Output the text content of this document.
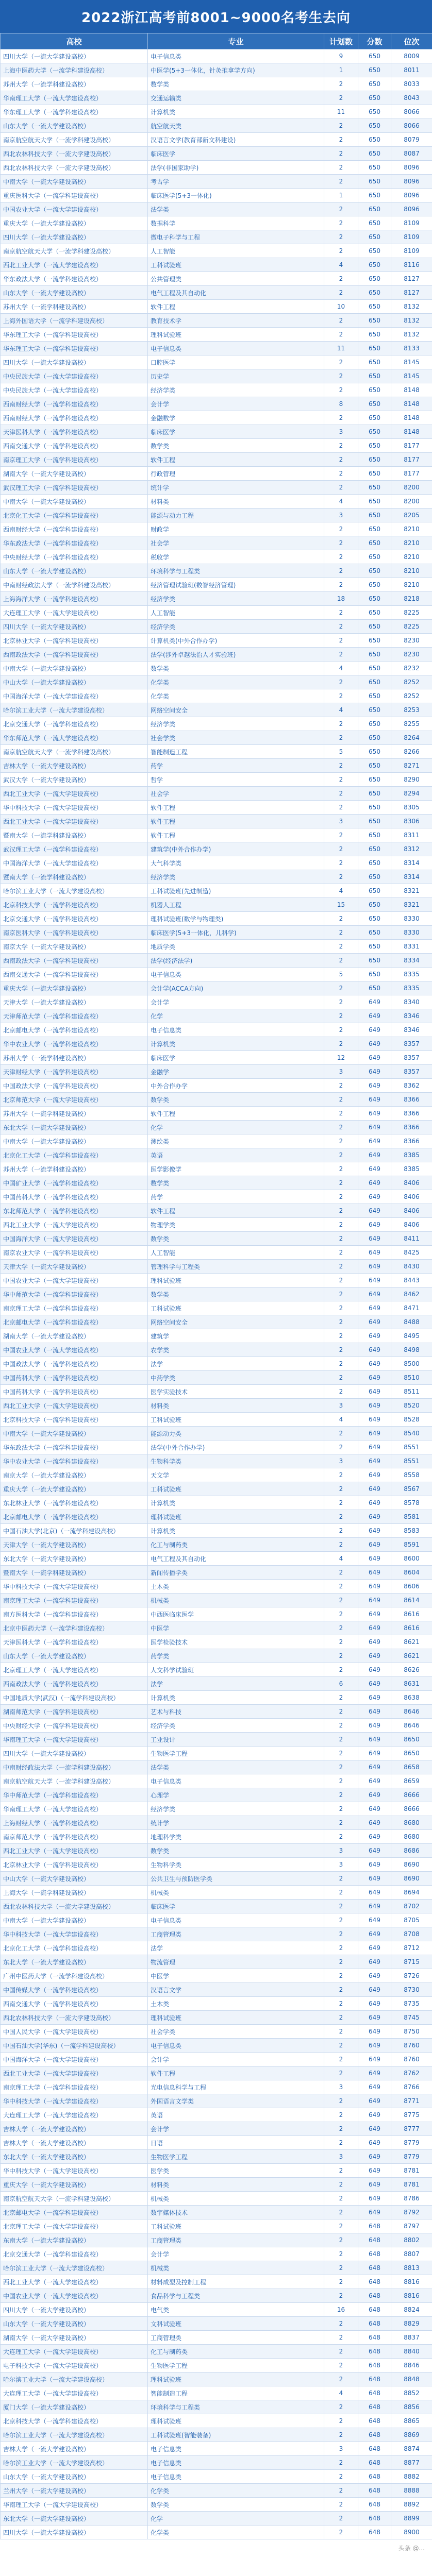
2022浙江高考前8001~9000名考生去向
高校	专业	计划数	分数	位次
四川大学（一流大学建设高校）	电子信息类	9	650	8009
上海中医药大学（一流学科建设高校）	中医学(5+3一体化，针灸推拿学方向)	1	650	8011
苏州大学（一流学科建设高校）	数学类	2	650	8033
华南理工大学（一流大学建设高校）	交通运输类	2	650	8043
华东理工大学（一流学科建设高校）	计算机类	11	650	8066
山东大学（一流大学建设高校）	航空航天类	2	650	8066
南京航空航天大学（一流学科建设高校）	汉语言文学(教育部新文科建设)	2	650	8079
西北农林科技大学（一流大学建设高校）	临床医学	2	650	8087
西北农林科技大学（一流大学建设高校）	法学(非国家助学)	2	650	8096
中南大学（一流大学建设高校）	考古学	2	650	8096
重庆医科大学（一流学科建设高校）	临床医学(5+3一体化)	1	650	8096
中国农业大学（一流大学建设高校）	法学类	2	650	8096
重庆大学（一流大学建设高校）	数据科学	2	650	8109
四川大学（一流大学建设高校）	微电子科学与工程	2	650	8109
南京航空航天大学（一流学科建设高校）	人工智能	2	650	8109
西北工业大学（一流大学建设高校）	工科试验班	4	650	8116
华东政法大学（一流学科建设高校）	公共管理类	2	650	8127
山东大学（一流大学建设高校）	电气工程及其自动化	2	650	8127
苏州大学（一流学科建设高校）	软件工程	10	650	8132
上海外国语大学（一流学科建设高校）	教育技术学	2	650	8132
华东理工大学（一流学科建设高校）	理科试验班	2	650	8132
华东理工大学（一流学科建设高校）	电子信息类	11	650	8133
四川大学（一流大学建设高校）	口腔医学	2	650	8145
中央民族大学（一流大学建设高校）	历史学	2	650	8145
中央民族大学（一流大学建设高校）	经济学类	2	650	8148
西南财经大学（一流学科建设高校）	会计学	8	650	8148
西南财经大学（一流学科建设高校）	金融数学	2	650	8148
天津医科大学（一流学科建设高校）	临床医学	3	650	8148
西南交通大学（一流学科建设高校）	数学类	2	650	8177
南京理工大学（一流学科建设高校）	软件工程	2	650	8177
湖南大学（一流大学建设高校）	行政管理	2	650	8177
武汉理工大学（一流学科建设高校）	统计学	2	650	8200
中南大学（一流大学建设高校）	材料类	4	650	8200
北京化工大学（一流学科建设高校）	能源与动力工程	3	650	8205
西南财经大学（一流学科建设高校）	财政学	2	650	8210
华东政法大学（一流学科建设高校）	社会学	2	650	8210
中央财经大学（一流学科建设高校）	税收学	2	650	8210
山东大学（一流大学建设高校）	环境科学与工程类	2	650	8210
中南财经政法大学（一流学科建设高校）	经济管理试验班(数智经济管理)	2	650	8210
上海海洋大学（一流学科建设高校）	经济学类	18	650	8218
大连理工大学（一流大学建设高校）	人工智能	2	650	8225
四川大学（一流大学建设高校）	经济学类	2	650	8225
北京林业大学（一流学科建设高校）	计算机类(中外合作办学)	2	650	8230
西南政法大学（一流学科建设高校）	法学(涉外卓越法治人才实验班)	2	650	8230
中南大学（一流大学建设高校）	数学类	4	650	8232
中山大学（一流大学建设高校）	化学类	2	650	8252
中国海洋大学（一流大学建设高校）	化学类	2	650	8252
哈尔滨工业大学（一流大学建设高校）	网络空间安全	4	650	8253
北京交通大学（一流学科建设高校）	经济学类	2	650	8255
华东师范大学（一流大学建设高校）	社会学类	2	650	8264
南京航空航天大学（一流学科建设高校）	智能制造工程	5	650	8266
吉林大学（一流大学建设高校）	药学	2	650	8271
武汉大学（一流大学建设高校）	哲学	2	650	8290
西北工业大学（一流大学建设高校）	社会学	2	650	8294
华中科技大学（一流大学建设高校）	软件工程	2	650	8305
西北工业大学（一流大学建设高校）	软件工程	3	650	8306
暨南大学（一流学科建设高校）	软件工程	2	650	8311
武汉理工大学（一流学科建设高校）	建筑学(中外合作办学)	2	650	8312
中国海洋大学（一流大学建设高校）	大气科学类	2	650	8314
暨南大学（一流学科建设高校）	经济学类	2	650	8314
哈尔滨工业大学（一流大学建设高校）	工科试验班(先进制造)	4	650	8321
北京科技大学（一流学科建设高校）	机器人工程	15	650	8321
北京交通大学（一流学科建设高校）	理科试验班(数学与物理类)	2	650	8330
南京医科大学（一流学科建设高校）	临床医学(5+3一体化，儿科学)	2	650	8330
南京大学（一流大学建设高校）	地质学类	2	650	8331
西南政法大学（一流学科建设高校）	法学(经济法学)	2	650	8334
西南交通大学（一流学科建设高校）	电子信息类	5	650	8335
重庆大学（一流大学建设高校）	会计学(ACCA方向)	2	650	8335
天津大学（一流大学建设高校）	会计学	2	649	8340
天津师范大学（一流学科建设高校）	化学	2	649	8346
北京邮电大学（一流学科建设高校）	电子信息类	2	649	8346
华中农业大学（一流学科建设高校）	计算机类	2	649	8357
苏州大学（一流学科建设高校）	临床医学	12	649	8357
天津财经大学（一流学科建设高校）	金融学	3	649	8357
中国政法大学（一流学科建设高校）	中外合作办学	2	649	8362
北京师范大学（一流大学建设高校）	数学类	2	649	8366
苏州大学（一流学科建设高校）	软件工程	2	649	8366
东北大学（一流大学建设高校）	化学	2	649	8366
中南大学（一流大学建设高校）	测绘类	2	649	8366
北京化工大学（一流学科建设高校）	英语	2	649	8385
苏州大学（一流学科建设高校）	医学影像学	2	649	8385
中国矿业大学（一流学科建设高校）	数学类	2	649	8406
中国药科大学（一流学科建设高校）	药学	2	649	8406
东北师范大学（一流学科建设高校）	软件工程	2	649	8406
西北工业大学（一流大学建设高校）	物理学类	2	649	8406
中国海洋大学（一流大学建设高校）	数学类	2	649	8411
南京农业大学（一流学科建设高校）	人工智能	2	649	8425
天津大学（一流大学建设高校）	管理科学与工程类	2	649	8430
中国农业大学（一流大学建设高校）	理科试验班	2	649	8443
华中师范大学（一流学科建设高校）	数学类	2	649	8462
南京理工大学（一流学科建设高校）	工科试验班	2	649	8471
北京邮电大学（一流学科建设高校）	网络空间安全	2	649	8488
湖南大学（一流大学建设高校）	建筑学	2	649	8495
中国农业大学（一流大学建设高校）	农学类	2	649	8498
中国政法大学（一流学科建设高校）	法学	2	649	8500
中国药科大学（一流学科建设高校）	中药学类	2	649	8510
中国药科大学（一流学科建设高校）	医学实验技术	2	649	8511
西北工业大学（一流大学建设高校）	材料类	3	649	8520
北京科技大学（一流学科建设高校）	工科试验班	4	649	8528
中南大学（一流大学建设高校）	能源动力类	2	649	8540
华东政法大学（一流学科建设高校）	法学(中外合作办学)	2	649	8551
华中农业大学（一流学科建设高校）	生物科学类	3	649	8551
南京大学（一流大学建设高校）	天文学	2	649	8558
重庆大学（一流大学建设高校）	工科试验班	2	649	8567
东北林业大学（一流学科建设高校）	计算机类	2	649	8578
北京邮电大学（一流学科建设高校）	理科试验班	2	649	8581
中国石油大学(北京)（一流学科建设高校）	计算机类	2	649	8583
天津大学（一流大学建设高校）	化工与制药类	2	649	8591
东北大学（一流大学建设高校）	电气工程及其自动化	4	649	8600
暨南大学（一流学科建设高校）	新闻传播学类	2	649	8604
华中科技大学（一流大学建设高校）	土木类	2	649	8606
南京理工大学（一流学科建设高校）	机械类	2	649	8614
南方医科大学（一流学科建设高校）	中西医临床医学	2	649	8616
北京中医药大学（一流学科建设高校）	中医学	2	649	8616
天津医科大学（一流学科建设高校）	医学检验技术	2	649	8621
山东大学（一流大学建设高校）	药学类	2	649	8621
北京理工大学（一流大学建设高校）	人文科学试验班	2	649	8626
西南政法大学（一流学科建设高校）	法学	6	649	8631
中国地质大学(武汉)（一流学科建设高校）	计算机类	2	649	8638
湖南师范大学（一流学科建设高校）	艺术与科技	2	649	8646
中央财经大学（一流学科建设高校）	经济学类	2	649	8646
华南理工大学（一流大学建设高校）	工业设计	2	649	8650
四川大学（一流大学建设高校）	生物医学工程	2	649	8650
中南财经政法大学（一流学科建设高校）	法学类	2	649	8658
南京航空航天大学（一流学科建设高校）	电子信息类	2	649	8659
华中师范大学（一流学科建设高校）	心理学	2	649	8666
华南理工大学（一流大学建设高校）	经济学类	2	649	8666
上海财经大学（一流学科建设高校）	统计学	2	649	8680
南京师范大学（一流学科建设高校）	地理科学类	2	649	8680
西北工业大学（一流大学建设高校）	数学类	3	649	8686
北京林业大学（一流学科建设高校）	生物科学类	3	649	8690
中山大学（一流大学建设高校）	公共卫生与预防医学类	2	649	8690
上海大学（一流学科建设高校）	机械类	2	649	8694
西北农林科技大学（一流大学建设高校）	临床医学	2	649	8702
中南大学（一流大学建设高校）	电子信息类	2	649	8705
华中科技大学（一流大学建设高校）	工商管理类	2	649	8708
北京化工大学（一流学科建设高校）	法学	2	649	8712
东北大学（一流大学建设高校）	物流管理	2	649	8715
广州中医药大学（一流学科建设高校）	中医学	2	649	8726
中国传媒大学（一流学科建设高校）	汉语言文学	2	649	8730
西南交通大学（一流学科建设高校）	土木类	2	649	8735
西北农林科技大学（一流大学建设高校）	理科试验班	2	649	8745
中国人民大学（一流大学建设高校）	社会学类	2	649	8750
中国石油大学(华东)（一流学科建设高校）	电子信息类	2	649	8760
中国海洋大学（一流大学建设高校）	会计学	2	649	8760
西北工业大学（一流大学建设高校）	软件工程	2	649	8762
南京理工大学（一流学科建设高校）	光电信息科学与工程	3	649	8766
华中科技大学（一流大学建设高校）	外国语言文学类	2	649	8771
大连理工大学（一流大学建设高校）	英语	2	649	8775
吉林大学（一流大学建设高校）	会计学	2	649	8777
吉林大学（一流大学建设高校）	日语	2	649	8779
东北大学（一流大学建设高校）	生物医学工程	3	649	8779
华中科技大学（一流大学建设高校）	医学类	2	649	8781
重庆大学（一流大学建设高校）	材料类	2	649	8781
南京航空航天大学（一流学科建设高校）	机械类	2	649	8786
北京邮电大学（一流学科建设高校）	数字媒体技术	2	649	8792
北京理工大学（一流大学建设高校）	工科试验班	2	648	8797
东南大学（一流大学建设高校）	工商管理类	2	648	8802
北京交通大学（一流学科建设高校）	会计学	2	648	8807
哈尔滨工业大学（一流大学建设高校）	机械类	2	648	8813
西北工业大学（一流大学建设高校）	材料成型及控制工程	2	648	8816
中国农业大学（一流大学建设高校）	食品科学与工程类	2	648	8816
四川大学（一流大学建设高校）	电气类	16	648	8824
山东大学（一流大学建设高校）	文科试验班	2	648	8829
湖南大学（一流大学建设高校）	工商管理类	2	648	8837
大连理工大学（一流大学建设高校）	化工与制药类	2	648	8840
电子科技大学（一流大学建设高校）	生物医学工程	2	648	8846
哈尔滨工业大学（一流大学建设高校）	理科试验班	2	648	8848
大连理工大学（一流大学建设高校）	智能制造工程	4	648	8852
厦门大学（一流大学建设高校）	环境科学与工程类	2	648	8856
北京科技大学（一流学科建设高校）	理科试验班	2	648	8865
哈尔滨工业大学（一流大学建设高校）	工科试验班(智能装备)	2	648	8869
吉林大学（一流大学建设高校）	电子信息类	3	648	8874
哈尔滨工业大学（一流大学建设高校）	电子信息类	2	648	8877
山东大学（一流大学建设高校）	电子信息类	2	648	8882
兰州大学（一流大学建设高校）	化学类	2	648	8888
华南理工大学（一流大学建设高校）	数学类	2	648	8892
东北大学（一流大学建设高校）	化学	2	648	8899
四川大学（一流大学建设高校）	化学类	2	648	8900
头条 @...
